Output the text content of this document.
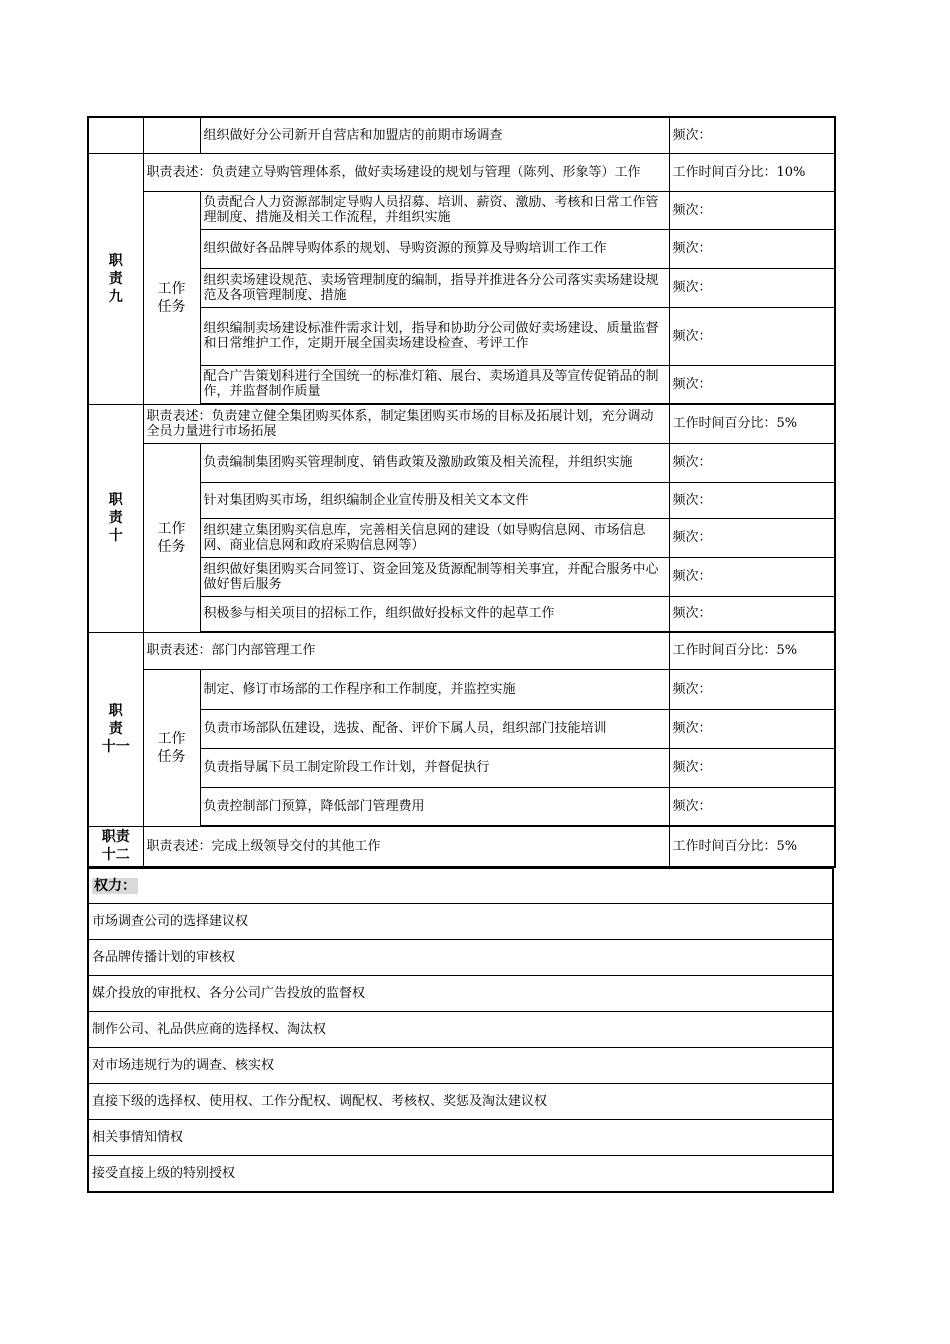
		组织做好分公司新开自营店和加盟店的前期市场调查	频次：
职
责
九	职责表述：负责建立导购管理体系，做好卖场建设的规划与管理（陈列、形象等）工作		工作时间百分比：10%
	工作
任务	负责配合人力资源部制定导购人员招募、培训、薪资、激励、考核和日常工作管理制度、措施及相关工作流程，并组织实施	频次：
		组织做好各品牌导购体系的规划、导购资源的预算及导购培训工作工作	频次：
		组织卖场建设规范、卖场管理制度的编制，指导并推进各分公司落实卖场建设规范及各项管理制度、措施	频次：
		组织编制卖场建设标准件需求计划，指导和协助分公司做好卖场建设、质量监督和日常维护工作，定期开展全国卖场建设检查、考评工作	频次：
		配合广告策划科进行全国统一的标准灯箱、展台、卖场道具及等宣传促销品的制作，并监督制作质量	频次：
职
责
十	职责表述：负责建立健全集团购买体系，制定集团购买市场的目标及拓展计划，充分调动全员力量进行市场拓展		工作时间百分比：5%
	工作
任务	负责编制集团购买管理制度、销售政策及激励政策及相关流程，并组织实施	频次：
		针对集团购买市场，组织编制企业宣传册及相关文本文件	频次：
		组织建立集团购买信息库，完善相关信息网的建设（如导购信息网、市场信息网、商业信息网和政府采购信息网等）	频次：
		组织做好集团购买合同签订、资金回笼及货源配制等相关事宜，并配合服务中心做好售后服务	频次：
		积极参与相关项目的招标工作，组织做好投标文件的起草工作	频次：
职
责
十一	职责表述：部门内部管理工作		工作时间百分比：5%
	工作
任务	制定、修订市场部的工作程序和工作制度，并监控实施	频次：
		负责市场部队伍建设，选拔、配备、评价下属人员，组织部门技能培训	频次：
		负责指导属下员工制定阶段工作计划，并督促执行	频次：
		负责控制部门预算，降低部门管理费用	频次：
职责
十二	职责表述：完成上级领导交付的其他工作		工作时间百分比：5%
权力：
市场调查公司的选择建议权
各品牌传播计划的审核权
媒介投放的审批权、各分公司广告投放的监督权
制作公司、礼品供应商的选择权、淘汰权
对市场违规行为的调查、核实权
直接下级的选择权、使用权、工作分配权、调配权、考核权、奖惩及淘汰建议权
相关事情知情权
接受直接上级的特别授权
